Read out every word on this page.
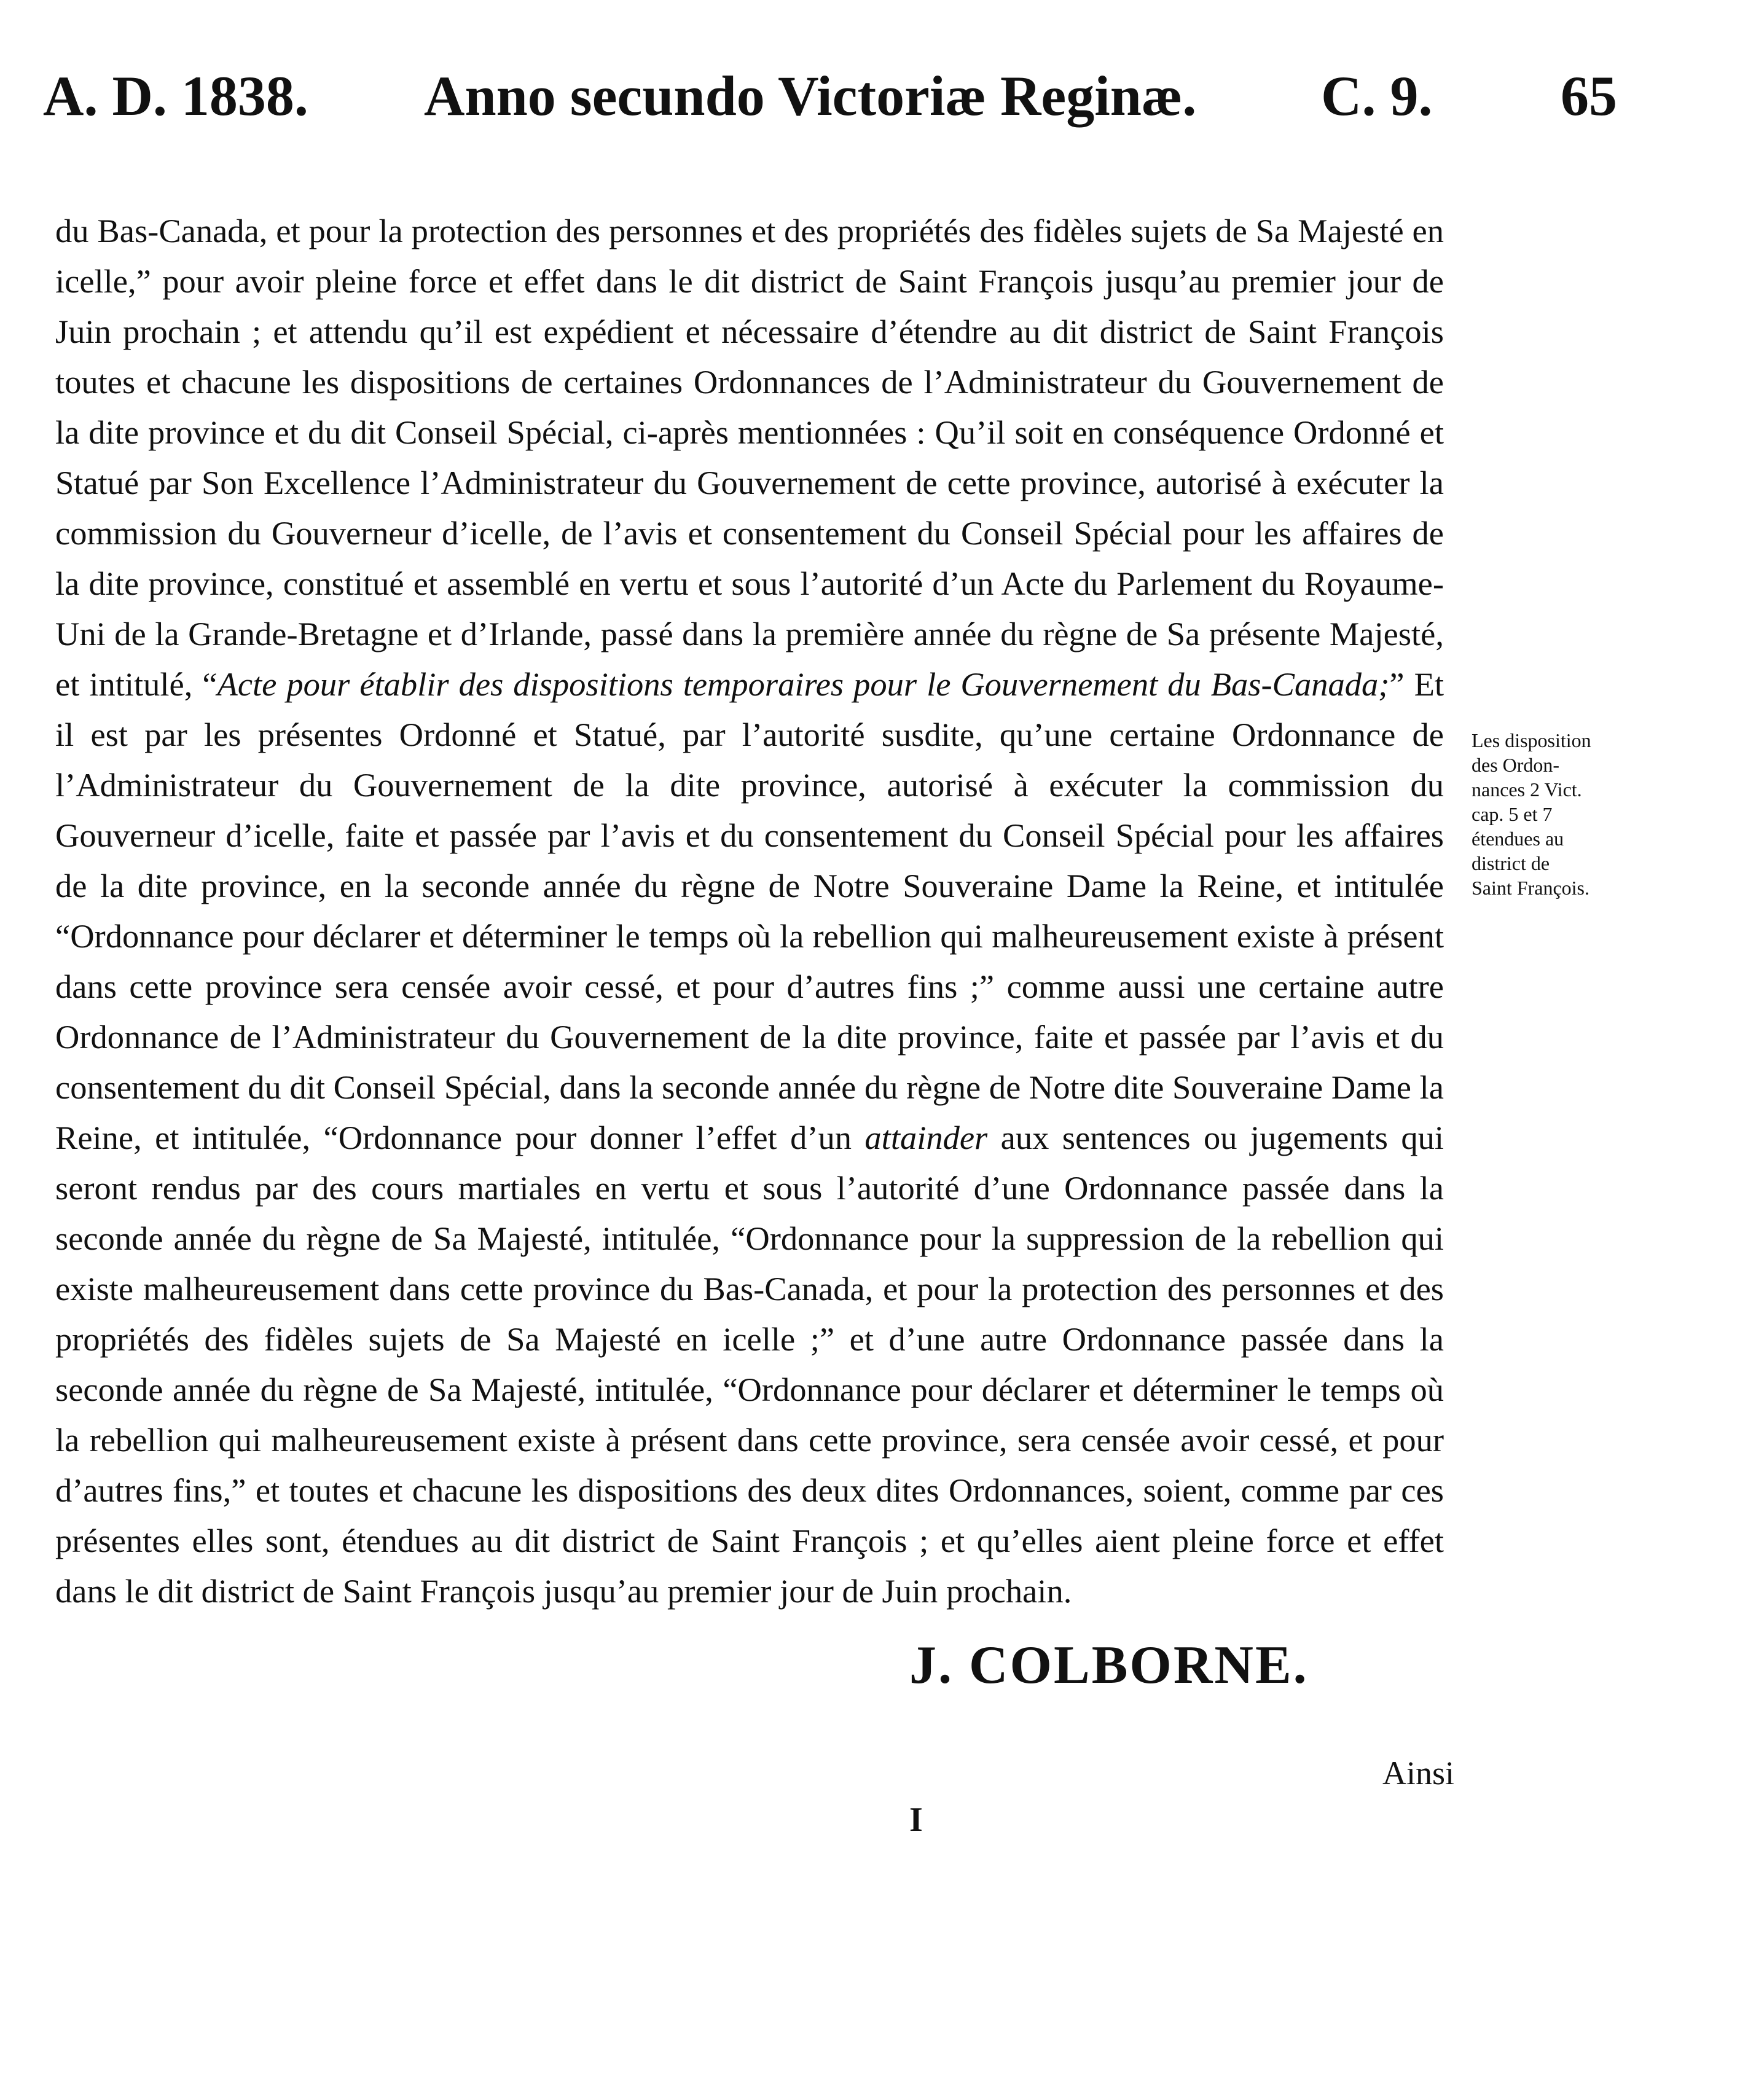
A. D. 1838. Anno secundo Victoriæ Reginæ. C. 9. 65

du Bas-Canada, et pour la protection des personnes et des propriétés des fidèles sujets de Sa Majesté en icelle,” pour avoir pleine force et effet dans le dit district de Saint François jusqu’au premier jour de Juin prochain ; et attendu qu’il est expédient et nécessaire d’étendre au dit district de Saint François toutes et chacune les dispositions de certaines Ordonnances de l’Administrateur du Gouvernement de la dite province et du dit Conseil Spécial, ci-après mentionnées : Qu’il soit en conséquence Ordonné et Statué par Son Excellence l’Administrateur du Gouvernement de cette province, autorisé à exécuter la commission du Gouverneur d’icelle, de l’avis et consentement du Conseil Spécial pour les affaires de la dite province, constitué et assemblé en vertu et sous l’autorité d’un Acte du Parlement du Royaume-Uni de la Grande-Bretagne et d’Irlande, passé dans la première année du règne de Sa présente Majesté, et intitulé, “Acte pour établir des dispositions temporaires pour le Gouvernement du Bas-Canada;” Et il est par les présentes Ordonné et Statué, par l’autorité susdite, qu’une certaine Ordonnance de l’Administrateur du Gouvernement de la dite province, autorisé à exécuter la commission du Gouverneur d’icelle, faite et passée par l’avis et du consentement du Conseil Spécial pour les affaires de la dite province, en la seconde année du règne de Notre Souveraine Dame la Reine, et intitulée “Ordonnance pour déclarer et déterminer le temps où la rebellion qui malheureusement existe à présent dans cette province sera censée avoir cessé, et pour d’autres fins ;” comme aussi une certaine autre Ordonnance de l’Administrateur du Gouvernement de la dite province, faite et passée par l’avis et du consentement du dit Conseil Spécial, dans la seconde année du règne de Notre dite Souveraine Dame la Reine, et intitulée, “Ordonnance pour donner l’effet d’un attainder aux sentences ou jugements qui seront rendus par des cours martiales en vertu et sous l’autorité d’une Ordonnance passée dans la seconde année du règne de Sa Majesté, intitulée, “Ordonnance pour la suppression de la rebellion qui existe malheureusement dans cette province du Bas-Canada, et pour la protection des personnes et des propriétés des fidèles sujets de Sa Majesté en icelle ;” et d’une autre Ordonnance passée dans la seconde année du règne de Sa Majesté, intitulée, “Ordonnance pour déclarer et déterminer le temps où la rebellion qui malheureusement existe à présent dans cette province, sera censée avoir cessé, et pour d’autres fins,” et toutes et chacune les dispositions des deux dites Ordonnances, soient, comme par ces présentes elles sont, étendues au dit district de Saint François ; et qu’elles aient pleine force et effet dans le dit district de Saint François jusqu’au premier jour de Juin prochain.

Les disposition
des Ordon-
nances 2 Vict.
cap. 5 et 7
étendues au
district de
Saint François.
J. COLBORNE.
Ainsi
I
